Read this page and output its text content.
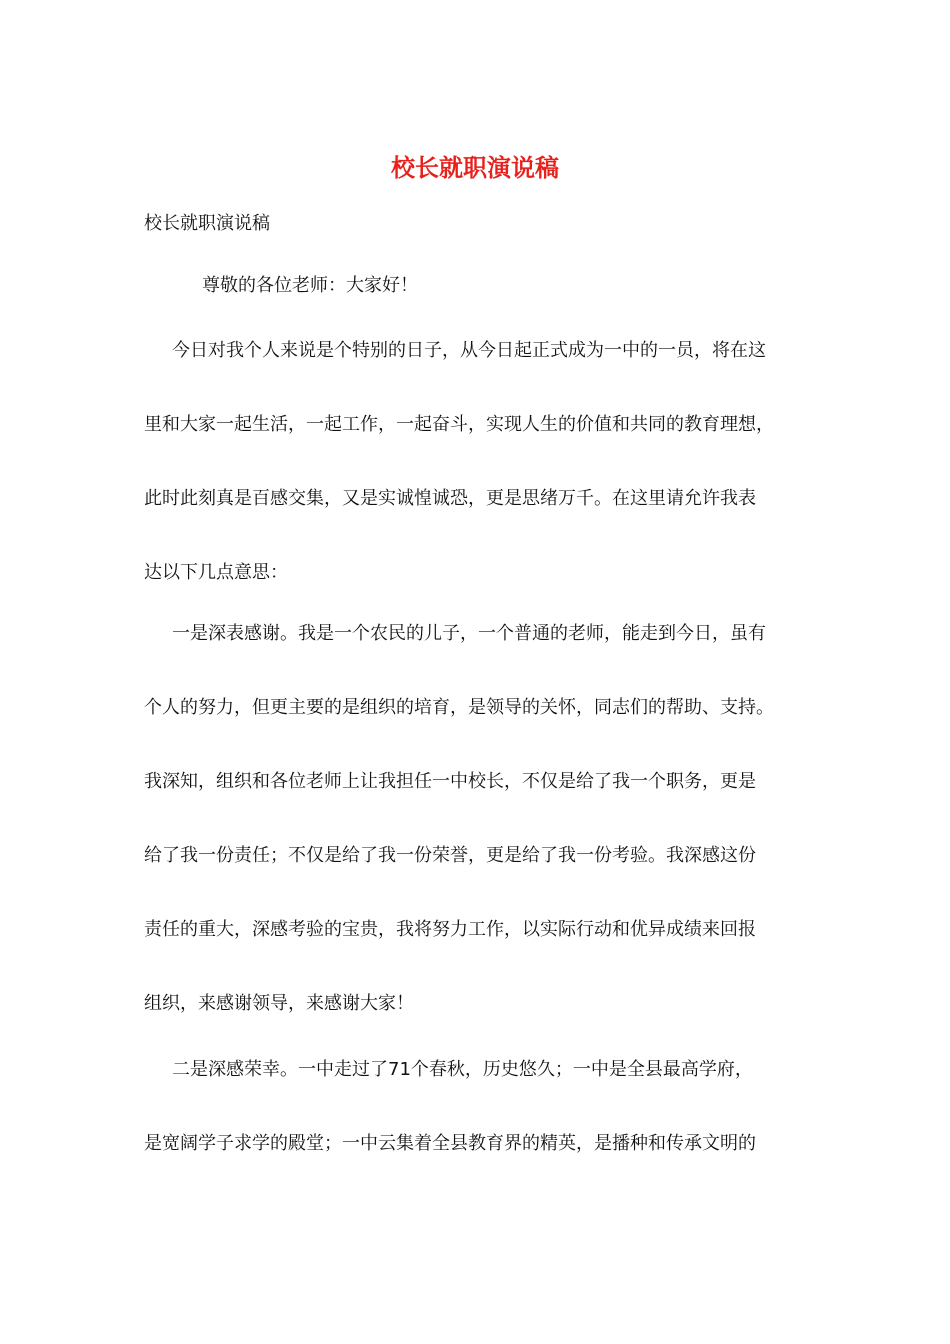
校长就职演说稿

校长就职演说稿

尊敬的各位老师：大家好！

今日对我个人来说是个特别的日子，从今日起正式成为一中的一员，将在这
里和大家一起生活，一起工作，一起奋斗，实现人生的价值和共同的教育理想，
此时此刻真是百感交集，又是实诚惶诚恐，更是思绪万千。在这里请允许我表
达以下几点意思：
一是深表感谢。我是一个农民的儿子，一个普通的老师，能走到今日，虽有
个人的努力，但更主要的是组织的培育，是领导的关怀，同志们的帮助、支持。
我深知，组织和各位老师上让我担任一中校长，不仅是给了我一个职务，更是
给了我一份责任；不仅是给了我一份荣誉，更是给了我一份考验。我深感这份
责任的重大，深感考验的宝贵，我将努力工作，以实际行动和优异成绩来回报
组织，来感谢领导，来感谢大家！
二是深感荣幸。一中走过了71个春秋，历史悠久；一中是全县最高学府，
是宽阔学子求学的殿堂；一中云集着全县教育界的精英，是播种和传承文明的
